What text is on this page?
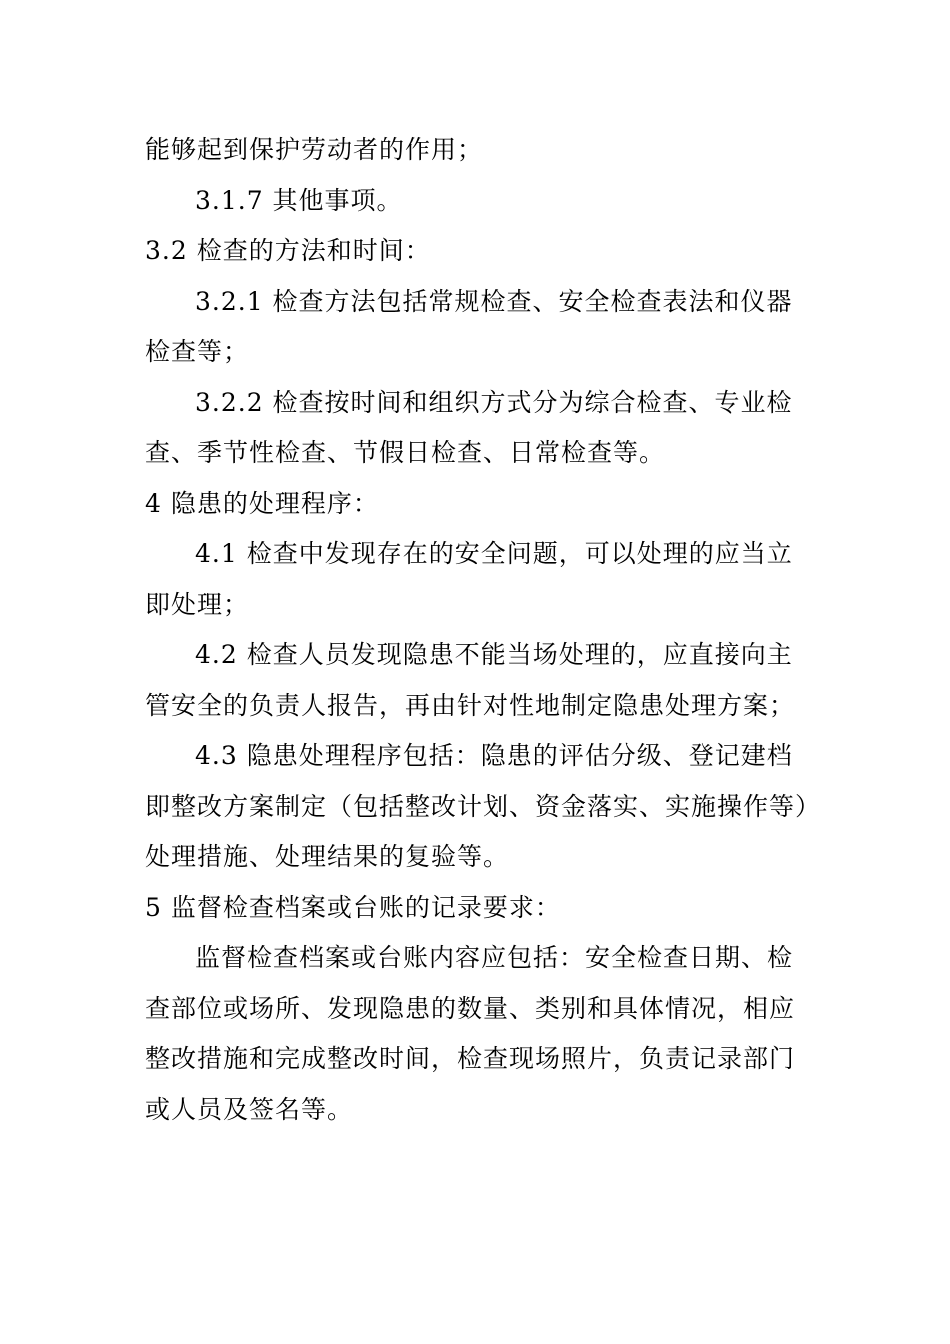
能够起到保护劳动者的作用；

3.1.7 其他事项。

3.2 检查的方法和时间：

3.2.1 检查方法包括常规检查、安全检查表法和仪器检查等；

3.2.2 检查按时间和组织方式分为综合检查、专业检查、季节性检查、节假日检查、日常检查等。

4 隐患的处理程序：

4.1 检查中发现存在的安全问题，可以处理的应当立即处理；

4.2 检查人员发现隐患不能当场处理的，应直接向主管安全的负责人报告，再由针对性地制定隐患处理方案；

4.3 隐患处理程序包括：隐患的评估分级、登记建档即整改方案制定（包括整改计划、资金落实、实施操作等）处理措施、处理结果的复验等。

5 监督检查档案或台账的记录要求：

监督检查档案或台账内容应包括：安全检查日期、检查部位或场所、发现隐患的数量、类别和具体情况，相应整改措施和完成整改时间，检查现场照片，负责记录部门或人员及签名等。
